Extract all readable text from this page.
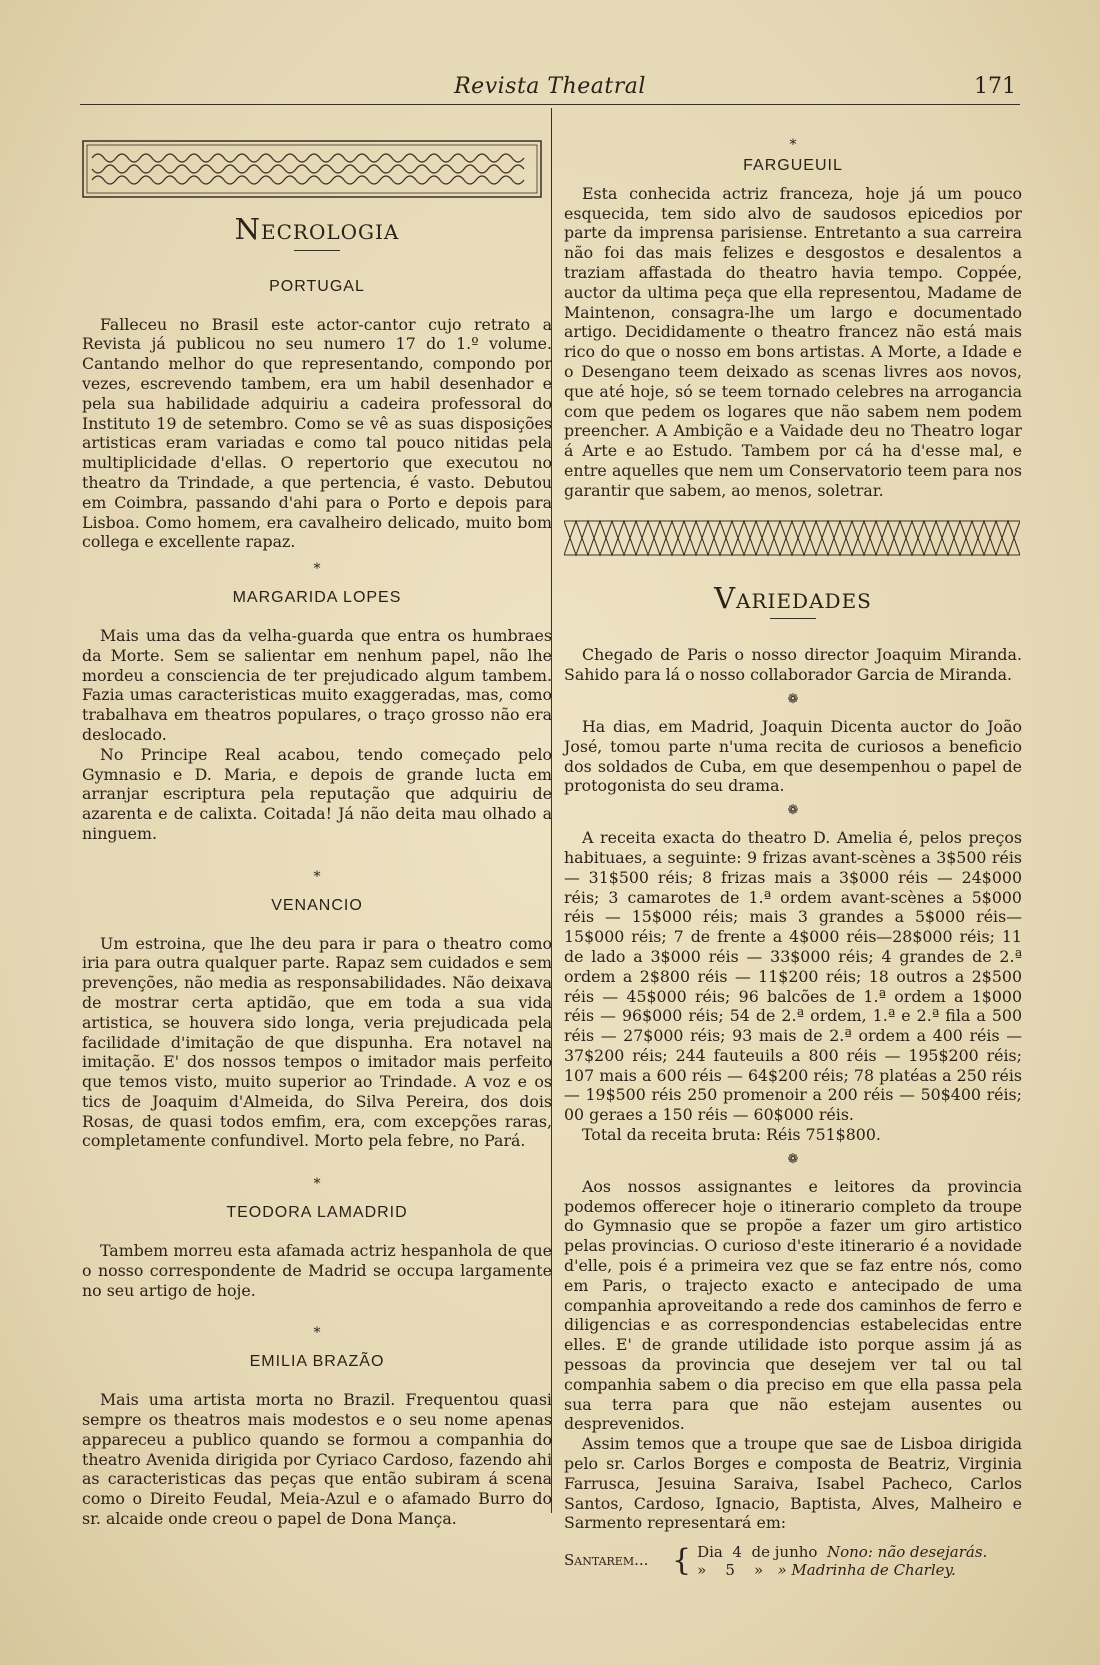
Revista Theatral	171
Necrologia
PORTUGAL

Falleceu no Brasil este actor-cantor cujo retrato a Revista já publicou no seu numero 17 do 1.º volume. Cantando melhor do que representando, compondo por vezes, escrevendo tambem, era um habil desenhador e pela sua habilidade adquiriu a cadeira professoral do Instituto 19 de setembro. Como se vê as suas disposições artisticas eram variadas e como tal pouco nitidas pela multiplicidade d'ellas. O repertorio que executou no theatro da Trindade, a que pertencia, é vasto. Debutou em Coimbra, passando d'ahi para o Porto e depois para Lisboa. Como homem, era cavalheiro delicado, muito bom collega e excellente rapaz.

*
MARGARIDA LOPES

Mais uma das da velha-guarda que entra os humbraes da Morte. Sem se salientar em nenhum papel, não lhe mordeu a consciencia de ter prejudicado algum tambem. Fazia umas caracteristicas muito exaggeradas, mas, como trabalhava em theatros populares, o traço grosso não era deslocado.

No Principe Real acabou, tendo começado pelo Gymnasio e D. Maria, e depois de grande lucta em arranjar escriptura pela reputação que adquiriu de azarenta e de calixta. Coitada! Já não deita mau olhado a ninguem.

*
VENANCIO

Um estroina, que lhe deu para ir para o theatro como iria para outra qualquer parte. Rapaz sem cuidados e sem prevenções, não media as responsabilidades. Não deixava de mostrar certa aptidão, que em toda a sua vida artistica, se houvera sido longa, veria prejudicada pela facilidade d'imitação de que dispunha. Era notavel na imitação. E' dos nossos tempos o imitador mais perfeito que temos visto, muito superior ao Trindade. A voz e os tics de Joaquim d'Almeida, do Silva Pereira, dos dois Rosas, de quasi todos emfim, era, com excepções raras, completamente confundivel. Morto pela febre, no Pará.

*
TEODORA LAMADRID

Tambem morreu esta afamada actriz hespanhola de que o nosso correspondente de Madrid se occupa largamente no seu artigo de hoje.

*
EMILIA BRAZÃO

Mais uma artista morta no Brazil. Frequentou quasi sempre os theatros mais modestos e o seu nome apenas appareceu a publico quando se formou a companhia do theatro Avenida dirigida por Cyriaco Cardoso, fazendo ahi as caracteristicas das peças que então subiram á scena como o Direito Feudal, Meia-Azul e o afamado Burro do sr. alcaide onde creou o papel de Dona Mança.

*
FARGUEUIL

Esta conhecida actriz franceza, hoje já um pouco esquecida, tem sido alvo de saudosos epicedios por parte da imprensa parisiense. Entretanto a sua carreira não foi das mais felizes e desgostos e desalentos a traziam affastada do theatro havia tempo. Coppée, auctor da ultima peça que ella representou, Madame de Maintenon, consagra-lhe um largo e documentado artigo. Decididamente o theatro francez não está mais rico do que o nosso em bons artistas. A Morte, a Idade e o Desengano teem deixado as scenas livres aos novos, que até hoje, só se teem tornado celebres na arrogancia com que pedem os logares que não sabem nem podem preencher. A Ambição e a Vaidade deu no Theatro logar á Arte e ao Estudo. Tambem por cá ha d'esse mal, e entre aquelles que nem um Conservatorio teem para nos garantir que sabem, ao menos, soletrar.

Variedades

Chegado de Paris o nosso director Joaquim Miranda. Sahido para lá o nosso collaborador Garcia de Miranda.

❁

Ha dias, em Madrid, Joaquin Dicenta auctor do João José, tomou parte n'uma recita de curiosos a beneficio dos soldados de Cuba, em que desempenhou o papel de protogonista do seu drama.

❁

A receita exacta do theatro D. Amelia é, pelos preços habituaes, a seguinte: 9 frizas avant-scènes a 3$500 réis — 31$500 réis; 8 frizas mais a 3$000 réis — 24$000 réis; 3 camarotes de 1.ª ordem avant-scènes a 5$000 réis — 15$000 réis; mais 3 grandes a 5$000 réis—15$000 réis; 7 de frente a 4$000 réis—28$000 réis; 11 de lado a 3$000 réis — 33$000 réis; 4 grandes de 2.ª ordem a 2$800 réis — 11$200 réis; 18 outros a 2$500 réis — 45$000 réis; 96 balcões de 1.ª ordem a 1$000 réis — 96$000 réis; 54 de 2.ª ordem, 1.ª e 2.ª fila a 500 réis — 27$000 réis; 93 mais de 2.ª ordem a 400 réis —37$200 réis; 244 fauteuils a 800 réis — 195$200 réis; 107 mais a 600 réis — 64$200 réis; 78 platéas a 250 réis — 19$500 réis 250 promenoir a 200 réis — 50$400 réis; 00 geraes a 150 réis — 60$000 réis.

Total da receita bruta: Réis 751$800.

❁

Aos nossos assignantes e leitores da provincia podemos offerecer hoje o itinerario completo da troupe do Gymnasio que se propõe a fazer um giro artistico pelas provincias. O curioso d'este itinerario é a novidade d'elle, pois é a primeira vez que se faz entre nós, como em Paris, o trajecto exacto e antecipado de uma companhia aproveitando a rede dos caminhos de ferro e diligencias e as correspondencias estabelecidas entre elles. E' de grande utilidade isto porque assim já as pessoas da provincia que desejem ver tal ou tal companhia sabem o dia preciso em que ella passa pela sua terra para que não estejam ausentes ou desprevenidos.

Assim temos que a troupe que sae de Lisboa dirigida pelo sr. Carlos Borges e composta de Beatriz, Virginia Farrusca, Jesuina Saraiva, Isabel Pacheco, Carlos Santos, Cardoso, Ignacio, Baptista, Alves, Malheiro e Sarmento representará em:

Santarem... { Dia 4 de junho Nono: não desejarás.
» 5 » » Madrinha de Charley.
